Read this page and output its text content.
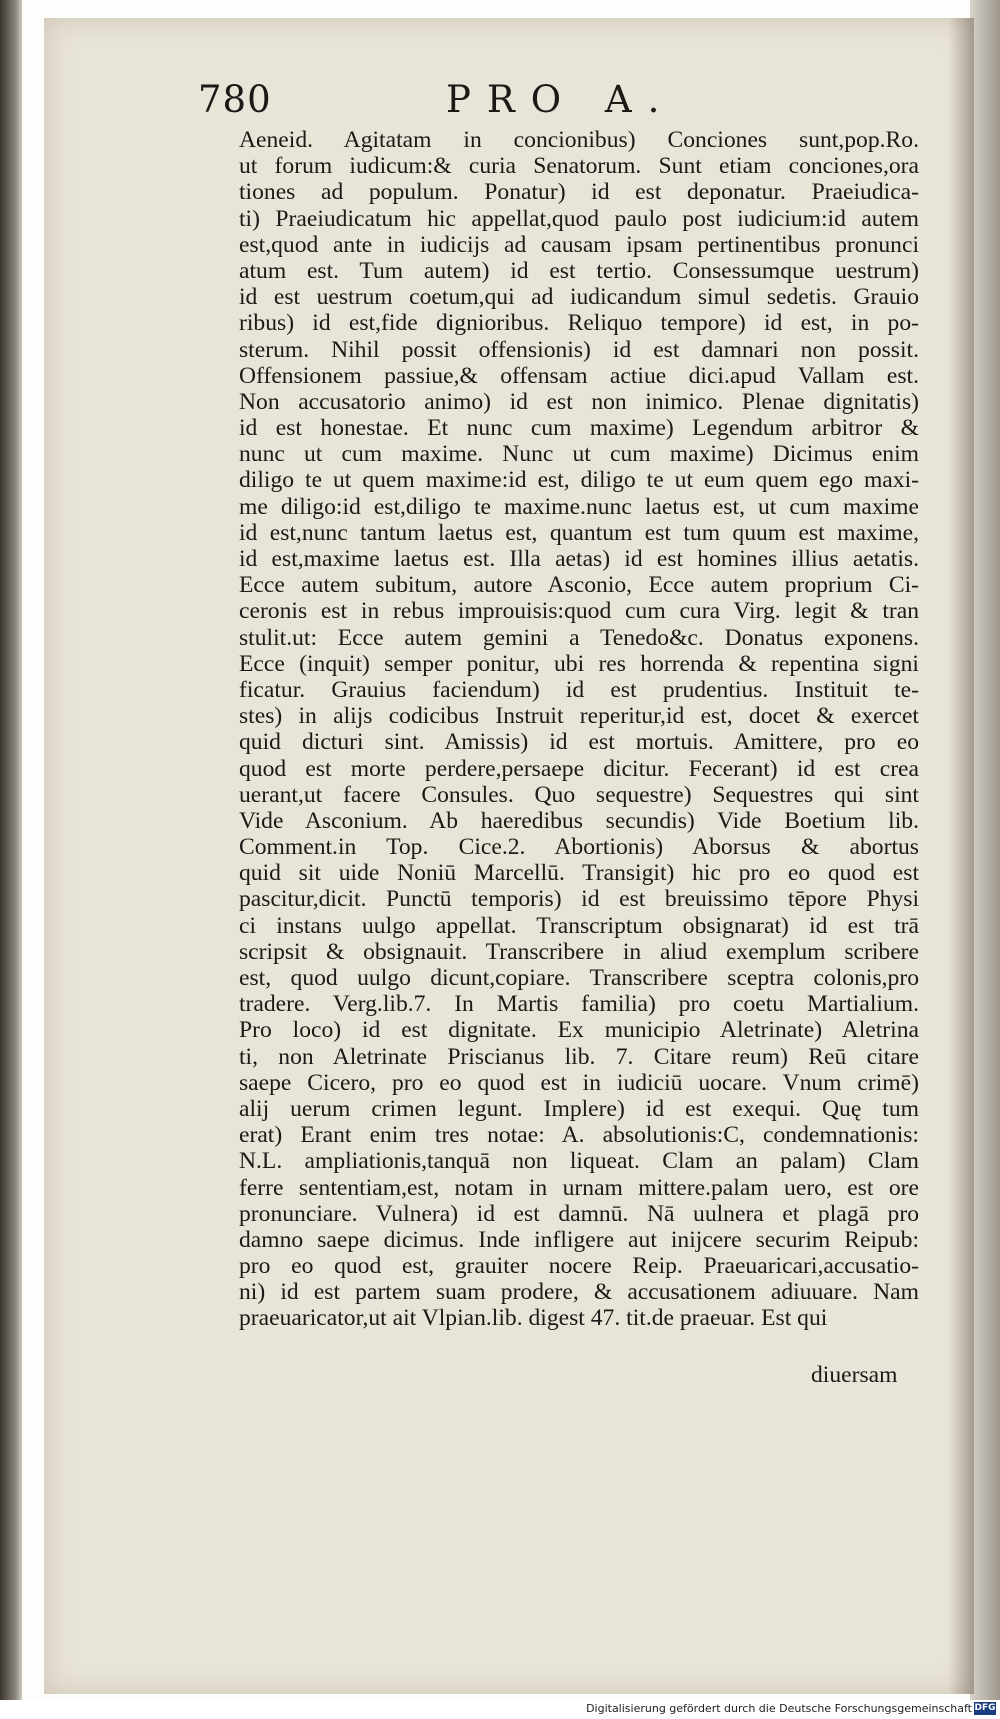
780	PRO A.
Aeneid. Agitatam in concionibus) Conciones sunt,pop.Ro.
ut forum iudicum:& curia Senatorum. Sunt etiam conciones,ora
tiones ad populum. Ponatur) id est deponatur. Praeiudica-
ti) Praeiudicatum hic appellat,quod paulo post iudicium:id autem
est,quod ante in iudicijs ad causam ipsam pertinentibus pronunci
atum est. Tum autem) id est tertio. Consessumque uestrum)
id est uestrum coetum,qui ad iudicandum simul sedetis. Grauio
ribus) id est,fide dignioribus. Reliquo tempore) id est, in po-
sterum. Nihil possit offensionis) id est damnari non possit.
Offensionem passiue,& offensam actiue dici.apud Vallam est.
Non accusatorio animo) id est non inimico. Plenae dignitatis)
id est honestae. Et nunc cum maxime) Legendum arbitror &
nunc ut cum maxime. Nunc ut cum maxime) Dicimus enim
diligo te ut quem maxime:id est, diligo te ut eum quem ego maxi-
me diligo:id est,diligo te maxime.nunc laetus est, ut cum maxime
id est,nunc tantum laetus est, quantum est tum quum est maxime,
id est,maxime laetus est. Illa aetas) id est homines illius aetatis.
Ecce autem subitum, autore Asconio, Ecce autem proprium Ci-
ceronis est in rebus improuisis:quod cum cura Virg. legit & tran
stulit.ut: Ecce autem gemini a Tenedo&c. Donatus exponens.
Ecce (inquit) semper ponitur, ubi res horrenda & repentina signi
ficatur. Grauius faciendum) id est prudentius. Instituit te-
stes) in alijs codicibus Instruit reperitur,id est, docet & exercet
quid dicturi sint. Amissis) id est mortuis. Amittere, pro eo
quod est morte perdere,persaepe dicitur. Fecerant) id est crea
uerant,ut facere Consules. Quo sequestre) Sequestres qui sint
Vide Asconium. Ab haeredibus secundis) Vide Boetium lib.
Comment.in Top. Cice.2. Abortionis) Aborsus & abortus
quid sit uide Noniū Marcellū. Transigit) hic pro eo quod est
pascitur,dicit. Punctū temporis) id est breuissimo tēpore Physi
ci instans uulgo appellat. Transcriptum obsignarat) id est trā
scripsit & obsignauit. Transcribere in aliud exemplum scribere
est, quod uulgo dicunt,copiare. Transcribere sceptra colonis,pro
tradere. Verg.lib.7. In Martis familia) pro coetu Martialium.
Pro loco) id est dignitate. Ex municipio Aletrinate) Aletrina
ti, non Aletrinate Priscianus lib. 7. Citare reum) Reū citare
saepe Cicero, pro eo quod est in iudiciū uocare. Vnum crimē)
alij uerum crimen legunt. Implere) id est exequi. Quę tum
erat) Erant enim tres notae: A. absolutionis:C, condemnationis:
N.L. ampliationis,tanquā non liqueat. Clam an palam) Clam
ferre sententiam,est, notam in urnam mittere.palam uero, est ore
pronunciare. Vulnera) id est damnū. Nā uulnera et plagā pro
damno saepe dicimus. Inde infligere aut inijcere securim Reipub:
pro eo quod est, grauiter nocere Reip. Praeuaricari,accusatio-
ni) id est partem suam prodere, & accusationem adiuuare. Nam
praeuaricator,ut ait Vlpian.lib. digest 47. tit.de praeuar. Est qui
diuersam
Digitalisierung gefördert durch die Deutsche Forschungsgemeinschaft DFG
